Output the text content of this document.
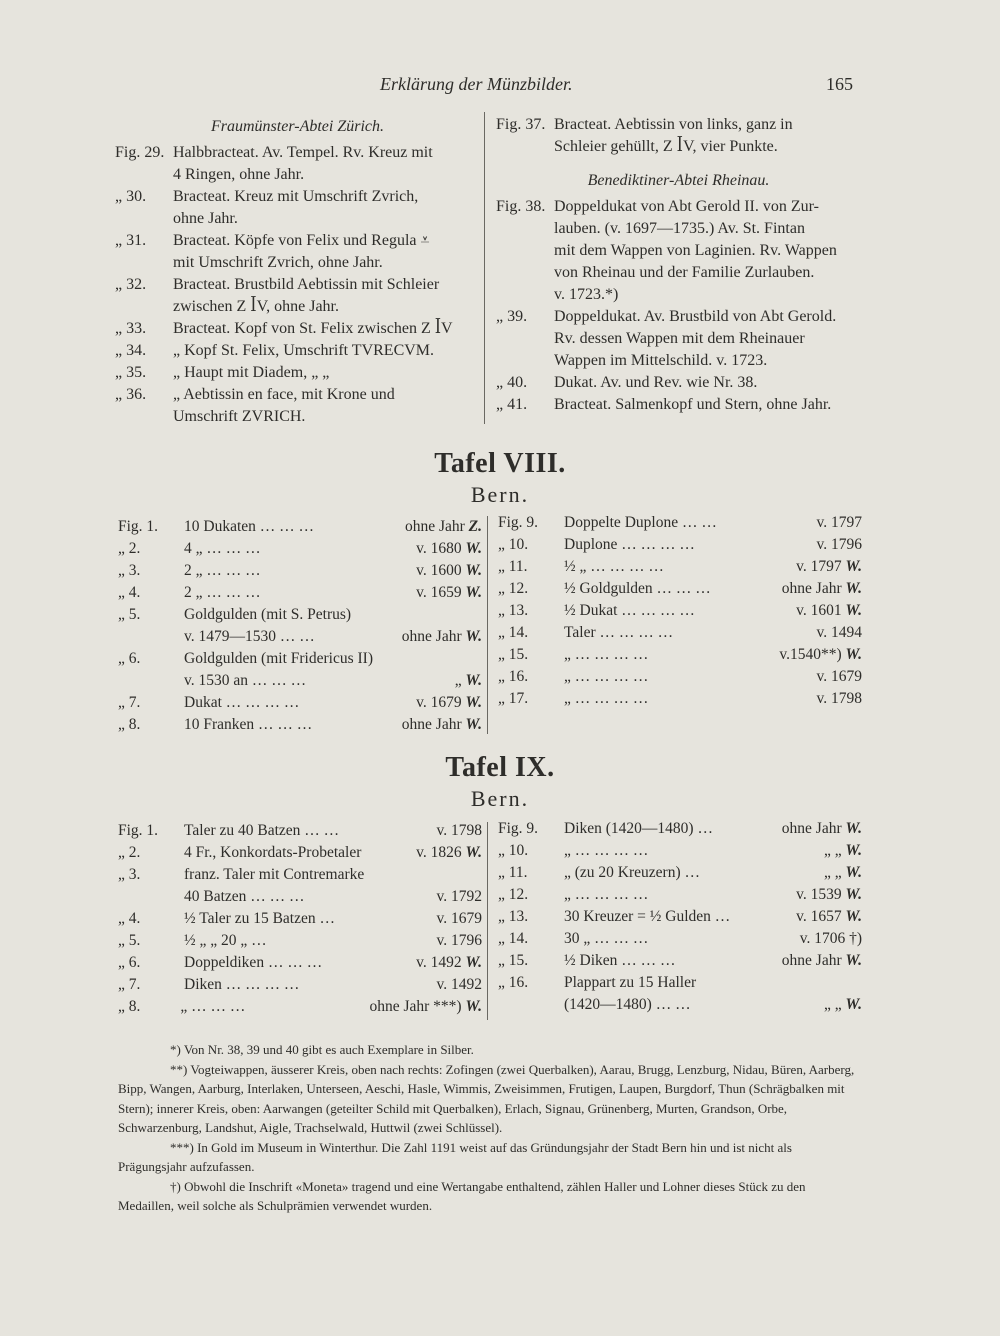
Erklärung der Münzbilder.	165
Fraumünster-Abtei Zürich.
Fig. 29. Halbbracteat. Av. Tempel. Rv. Kreuz mit
4 Ringen, ohne Jahr.
„ 30.	Bracteat. Kreuz mit Umschrift Zvrich,
ohne Jahr.
„ 31.	Bracteat. Köpfe von Felix und Regula ⩡
mit Umschrift Zvrich, ohne Jahr.
„ 32.	Bracteat. Brustbild Aebtissin mit Schleier
zwischen Z ꟾV, ohne Jahr.
„ 33.	Bracteat. Kopf von St. Felix zwischen Z ꟾV
„ 34.	„ Kopf St. Felix, Umschrift TVRECVM.
„ 35.	„ Haupt mit Diadem, „ „
„ 36.	„ Aebtissin en face, mit Krone und
Umschrift ZVRICH.
Fig. 37. Bracteat. Aebtissin von links, ganz in
Schleier gehüllt, Z ꟾV, vier Punkte.
Benediktiner-Abtei Rheinau.
Fig. 38. Doppeldukat von Abt Gerold II. von Zur-
lauben. (v. 1697—1735.) Av. St. Fintan
mit dem Wappen von Laginien. Rv. Wappen
von Rheinau und der Familie Zurlauben.
v. 1723.*)
„ 39.	Doppeldukat. Av. Brustbild von Abt Gerold.
Rv. dessen Wappen mit dem Rheinauer
Wappen im Mittelschild. v. 1723.
„ 40.	Dukat. Av. und Rev. wie Nr. 38.
„ 41.	Bracteat. Salmenkopf und Stern, ohne Jahr.
Tafel VIII.
Bern.
Fig. 1.	10 Dukaten … … …	ohne Jahr Z.
„ 2.	4 „ … … …	v. 1680 W.
„ 3.	2 „ … … …	v. 1600 W.
„ 4.	2 „ … … …	v. 1659 W.
„ 5.	Goldgulden (mit S. Petrus)
v. 1479—1530 … …	ohne Jahr W.
„ 6.	Goldgulden (mit Fridericus II)
v. 1530 an … … …	„ W.
„ 7.	Dukat … … … …	v. 1679 W.
„ 8.	10 Franken … … …	ohne Jahr W.
Fig. 9.	Doppelte Duplone … …	v. 1797
„ 10.	Duplone … … … …	v. 1796
„ 11.	½ „ … … … …	v. 1797 W.
„ 12.	½ Goldgulden … … …	ohne Jahr W.
„ 13.	½ Dukat … … … …	v. 1601 W.
„ 14.	Taler … … … …	v. 1494
„ 15.	„ … … … …	v.1540**) W.
„ 16.	„ … … … …	v. 1679
„ 17.	„ … … … …	v. 1798
Tafel IX.
Bern.
Fig. 1.	Taler zu 40 Batzen … …	v. 1798
„ 2.	4 Fr., Konkordats-Probetaler	v. 1826 W.
„ 3.	franz. Taler mit Contremarke
40 Batzen … … …	v. 1792
„ 4.	½ Taler zu 15 Batzen …	v. 1679
„ 5.	½ „ „ 20 „ …	v. 1796
„ 6.	Doppeldiken … … …	v. 1492 W.
„ 7.	Diken … … … …	v. 1492
„ 8.	„ … … …	ohne Jahr ***) W.
Fig. 9.	Diken (1420—1480) …	ohne Jahr W.
„ 10.	„ … … … …	„ „ W.
„ 11.	„ (zu 20 Kreuzern) …	„ „ W.
„ 12.	„ … … … …	v. 1539 W.
„ 13.	30 Kreuzer = ½ Gulden …	v. 1657 W.
„ 14.	30 „ … … …	v. 1706 †)
„ 15.	½ Diken … … …	ohne Jahr W.
„ 16.	Plappart zu 15 Haller
(1420—1480) … …	„ „ W.

*) Von Nr. 38, 39 und 40 gibt es auch Exemplare in Silber.

**) Vogteiwappen, äusserer Kreis, oben nach rechts: Zofingen (zwei Querbalken), Aarau, Brugg, Lenzburg, Nidau, Büren, Aarberg, Bipp, Wangen, Aarburg, Interlaken, Unterseen, Aeschi, Hasle, Wimmis, Zweisimmen, Frutigen, Laupen, Burgdorf, Thun (Schrägbalken mit Stern); innerer Kreis, oben: Aarwangen (geteilter Schild mit Querbalken), Erlach, Signau, Grünenberg, Murten, Grandson, Orbe, Schwarzenburg, Landshut, Aigle, Trachselwald, Huttwil (zwei Schlüssel).

***) In Gold im Museum in Winterthur. Die Zahl 1191 weist auf das Gründungsjahr der Stadt Bern hin und ist nicht als Prägungsjahr aufzufassen.

†) Obwohl die Inschrift «Moneta» tragend und eine Wertangabe enthaltend, zählen Haller und Lohner dieses Stück zu den Medaillen, weil solche als Schulprämien verwendet wurden.
